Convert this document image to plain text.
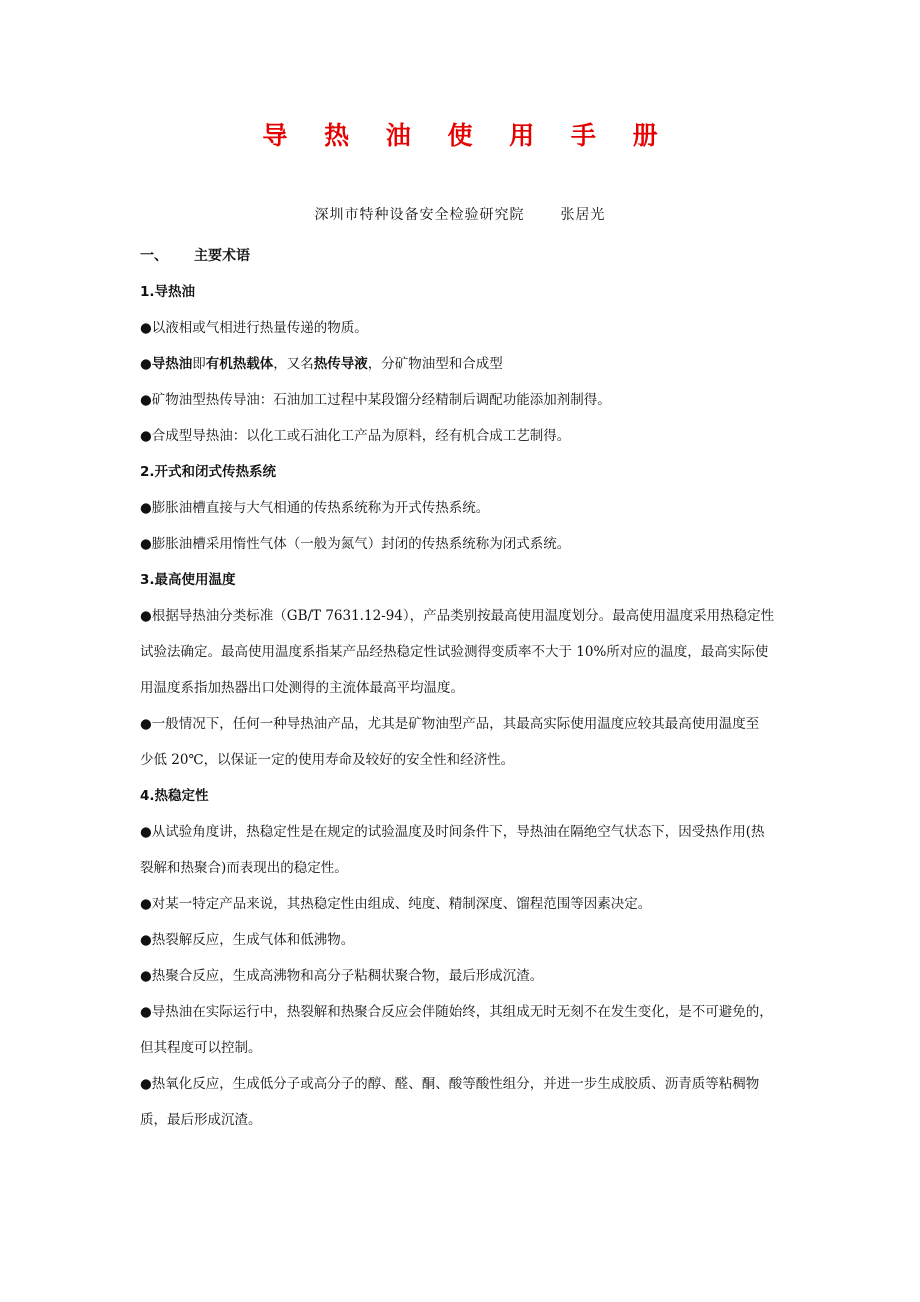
导 热 油 使 用 手 册
深圳市特种设备安全检验研究院	张居光

一、 主要术语

1.导热油

●以液相或气相进行热量传递的物质。

●导热油即有机热载体，又名热传导液，分矿物油型和合成型

●矿物油型热传导油：石油加工过程中某段馏分经精制后调配功能添加剂制得。

●合成型导热油：以化工或石油化工产品为原料，经有机合成工艺制得。

2.开式和闭式传热系统

●膨胀油槽直接与大气相通的传热系统称为开式传热系统。

●膨胀油槽采用惰性气体（一般为氮气）封闭的传热系统称为闭式系统。

3.最高使用温度

●根据导热油分类标准（GB/T 7631.12-94），产品类别按最高使用温度划分。最高使用温度采用热稳定性

试验法确定。最高使用温度系指某产品经热稳定性试验测得变质率不大于 10%所对应的温度，最高实际使

用温度系指加热器出口处测得的主流体最高平均温度。

●一般情况下，任何一种导热油产品，尤其是矿物油型产品，其最高实际使用温度应较其最高使用温度至

少低 20℃，以保证一定的使用寿命及较好的安全性和经济性。

4.热稳定性

●从试验角度讲，热稳定性是在规定的试验温度及时间条件下，导热油在隔绝空气状态下，因受热作用(热

裂解和热聚合)而表现出的稳定性。

●对某一特定产品来说，其热稳定性由组成、纯度、精制深度、馏程范围等因素决定。

●热裂解反应，生成气体和低沸物。

●热聚合反应，生成高沸物和高分子粘稠状聚合物，最后形成沉渣。

●导热油在实际运行中，热裂解和热聚合反应会伴随始终，其组成无时无刻不在发生变化，是不可避免的，

但其程度可以控制。

●热氧化反应，生成低分子或高分子的醇、醛、酮、酸等酸性组分，并进一步生成胶质、沥青质等粘稠物

质，最后形成沉渣。
